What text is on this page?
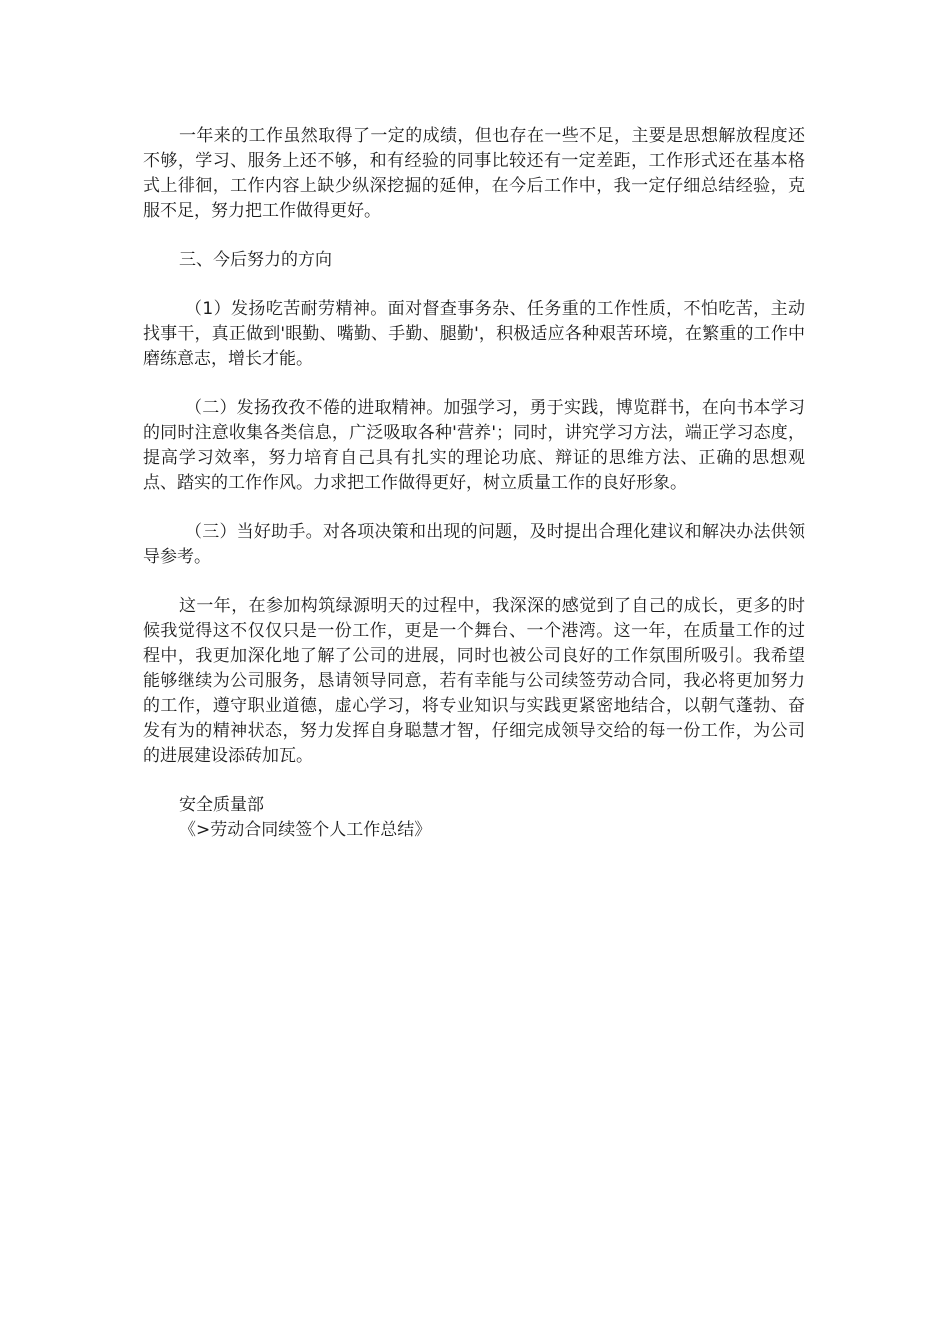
一年来的工作虽然取得了一定的成绩，但也存在一些不足，主要是思想解放程度还不够，学习、服务上还不够，和有经验的同事比较还有一定差距，工作形式还在基本格式上徘徊，工作内容上缺少纵深挖掘的延伸，在今后工作中，我一定仔细总结经验，克服不足，努力把工作做得更好。

三、今后努力的方向

（1）发扬吃苦耐劳精神。面对督查事务杂、任务重的工作性质，不怕吃苦，主动找事干，真正做到'眼勤、嘴勤、手勤、腿勤'，积极适应各种艰苦环境，在繁重的工作中磨练意志，增长才能。

（二）发扬孜孜不倦的进取精神。加强学习，勇于实践，博览群书，在向书本学习的同时注意收集各类信息，广泛吸取各种'营养'；同时，讲究学习方法，端正学习态度，提高学习效率，努力培育自己具有扎实的理论功底、辩证的思维方法、正确的思想观点、踏实的工作作风。力求把工作做得更好，树立质量工作的良好形象。

（三）当好助手。对各项决策和出现的问题，及时提出合理化建议和解决办法供领导参考。

这一年，在参加构筑绿源明天的过程中，我深深的感觉到了自己的成长，更多的时候我觉得这不仅仅只是一份工作，更是一个舞台、一个港湾。这一年，在质量工作的过程中，我更加深化地了解了公司的进展，同时也被公司良好的工作氛围所吸引。我希望能够继续为公司服务，恳请领导同意，若有幸能与公司续签劳动合同，我必将更加努力的工作，遵守职业道德，虚心学习，将专业知识与实践更紧密地结合，以朝气蓬勃、奋发有为的精神状态，努力发挥自身聪慧才智，仔细完成领导交给的每一份工作，为公司的进展建设添砖加瓦。

安全质量部

《>劳动合同续签个人工作总结》
